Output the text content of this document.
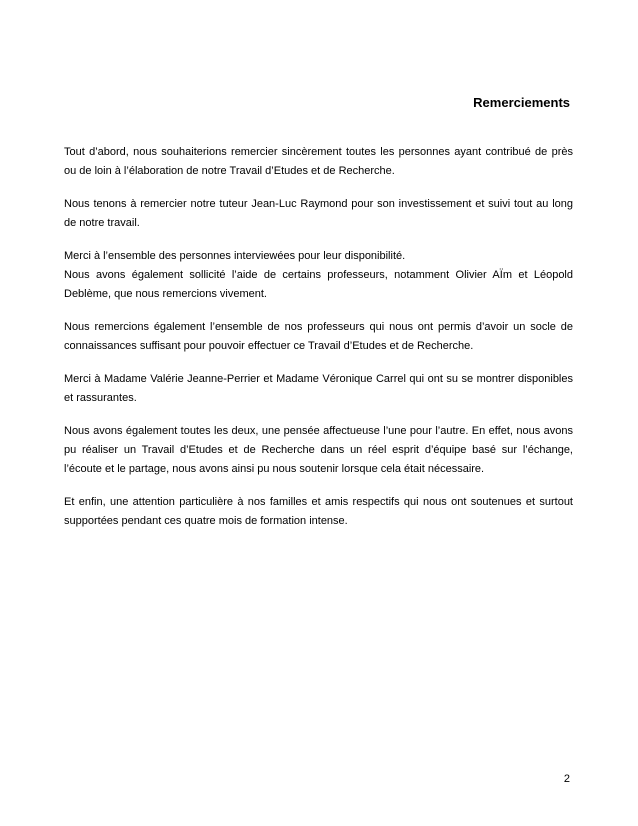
Remerciements

Tout d’abord, nous souhaiterions remercier sincèrement toutes les personnes ayant contribué de près ou de loin à l’élaboration de notre Travail d’Etudes et de Recherche.

Nous tenons à remercier notre tuteur Jean-Luc Raymond pour son investissement et suivi tout au long de notre travail.

Merci à l’ensemble des personnes interviewées pour leur disponibilité.
Nous avons également sollicité l’aide de certains professeurs, notamment Olivier AÏm et Léopold Deblème, que nous remercions vivement.

Nous remercions également l’ensemble de nos professeurs qui nous ont permis d’avoir un socle de connaissances suffisant pour pouvoir effectuer ce Travail d’Etudes et de Recherche.

Merci à Madame Valérie Jeanne-Perrier et Madame Véronique Carrel qui ont su se montrer disponibles et rassurantes.

Nous avons également toutes les deux, une pensée affectueuse l’une pour l’autre. En effet, nous avons pu réaliser un Travail d’Etudes et de Recherche dans un réel esprit d’équipe basé sur l’échange, l’écoute et le partage, nous avons ainsi pu nous soutenir lorsque cela était nécessaire.

Et enfin, une attention particulière à nos familles et amis respectifs qui nous ont soutenues et surtout supportées pendant ces quatre mois de formation intense.

2
